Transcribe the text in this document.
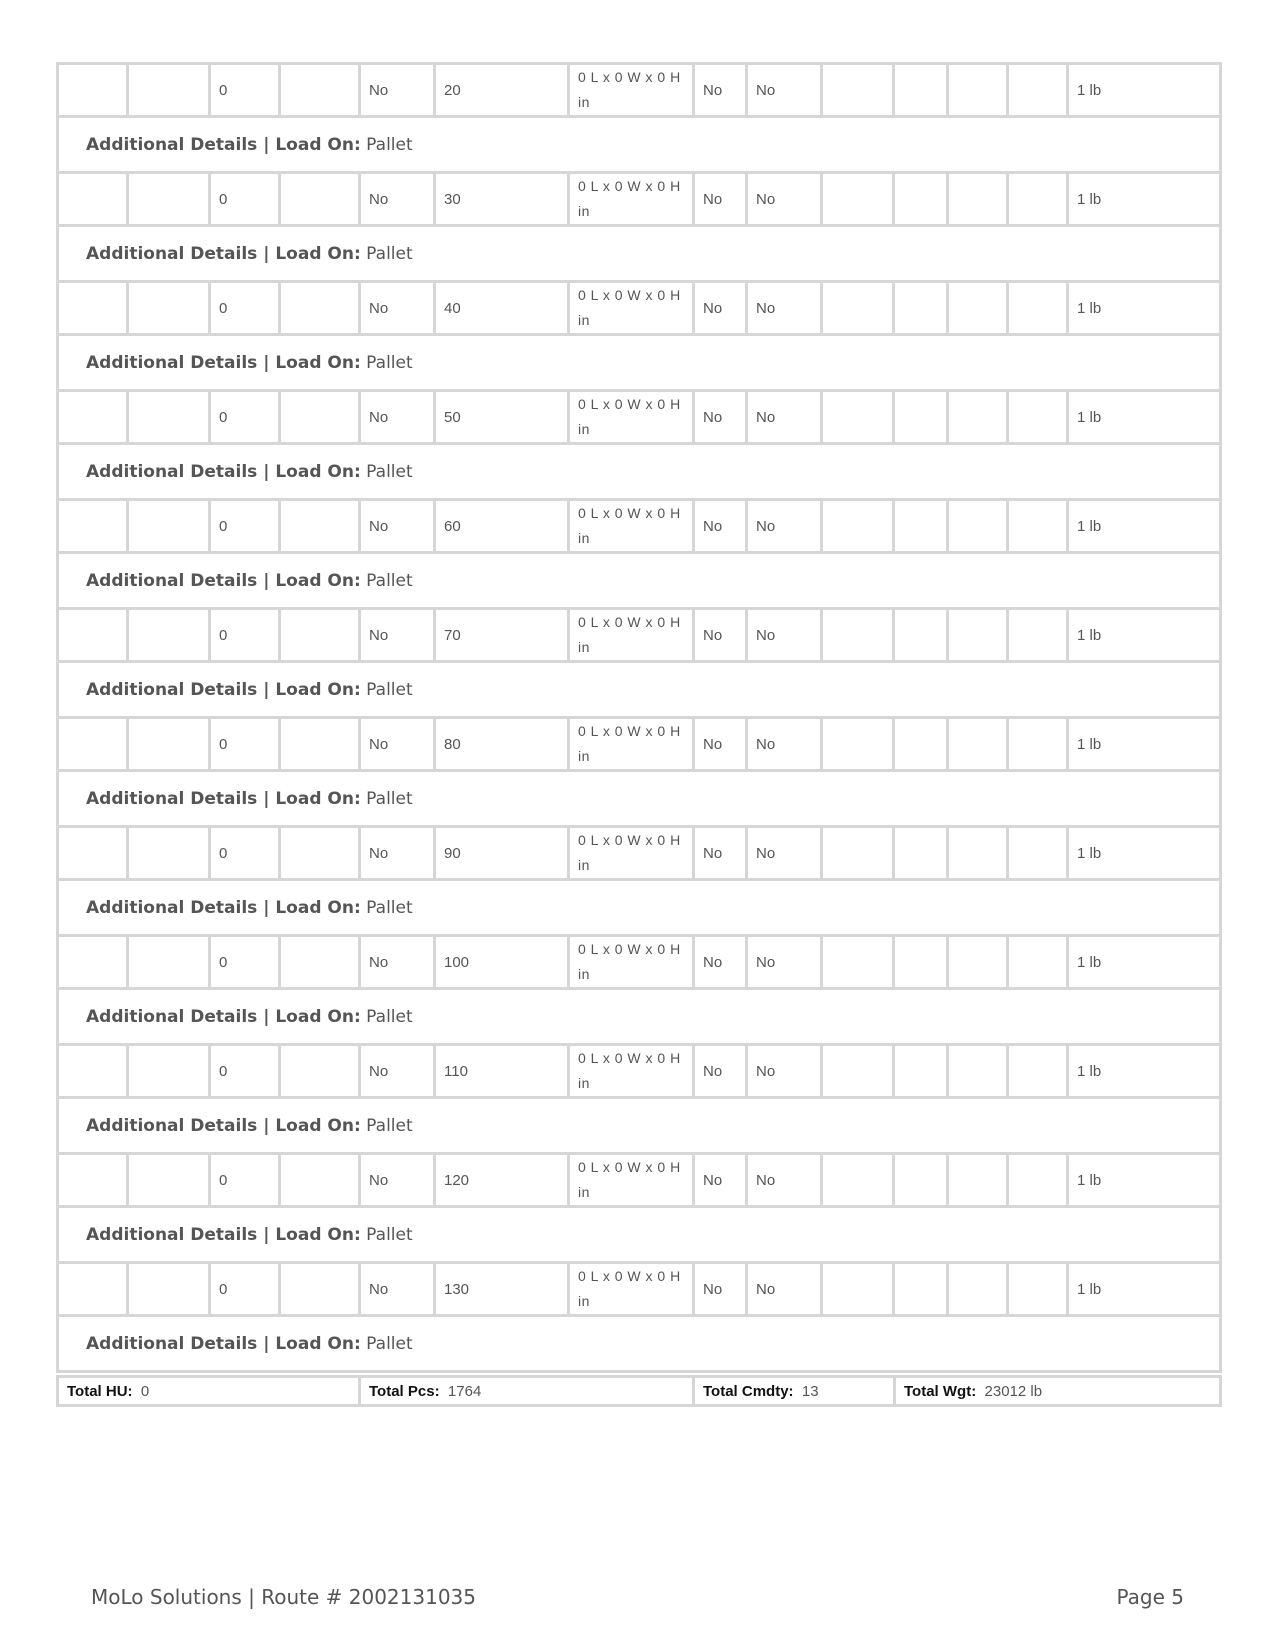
		0		No	20	0 L x 0 W x 0 H in	No	No					1 lb
Additional Details | Load On: Pallet													
		0		No	30	0 L x 0 W x 0 H in	No	No					1 lb
Additional Details | Load On: Pallet													
		0		No	40	0 L x 0 W x 0 H in	No	No					1 lb
Additional Details | Load On: Pallet													
		0		No	50	0 L x 0 W x 0 H in	No	No					1 lb
Additional Details | Load On: Pallet													
		0		No	60	0 L x 0 W x 0 H in	No	No					1 lb
Additional Details | Load On: Pallet													
		0		No	70	0 L x 0 W x 0 H in	No	No					1 lb
Additional Details | Load On: Pallet													
		0		No	80	0 L x 0 W x 0 H in	No	No					1 lb
Additional Details | Load On: Pallet													
		0		No	90	0 L x 0 W x 0 H in	No	No					1 lb
Additional Details | Load On: Pallet													
		0		No	100	0 L x 0 W x 0 H in	No	No					1 lb
Additional Details | Load On: Pallet													
		0		No	110	0 L x 0 W x 0 H in	No	No					1 lb
Additional Details | Load On: Pallet													
		0		No	120	0 L x 0 W x 0 H in	No	No					1 lb
Additional Details | Load On: Pallet													
		0		No	130	0 L x 0 W x 0 H in	No	No					1 lb
Additional Details | Load On: Pallet													
Total HU: 0	Total Pcs: 1764	Total Cmdty: 13	Total Wgt: 23012 lb
MoLo Solutions | Route # 2002131035	Page 5
